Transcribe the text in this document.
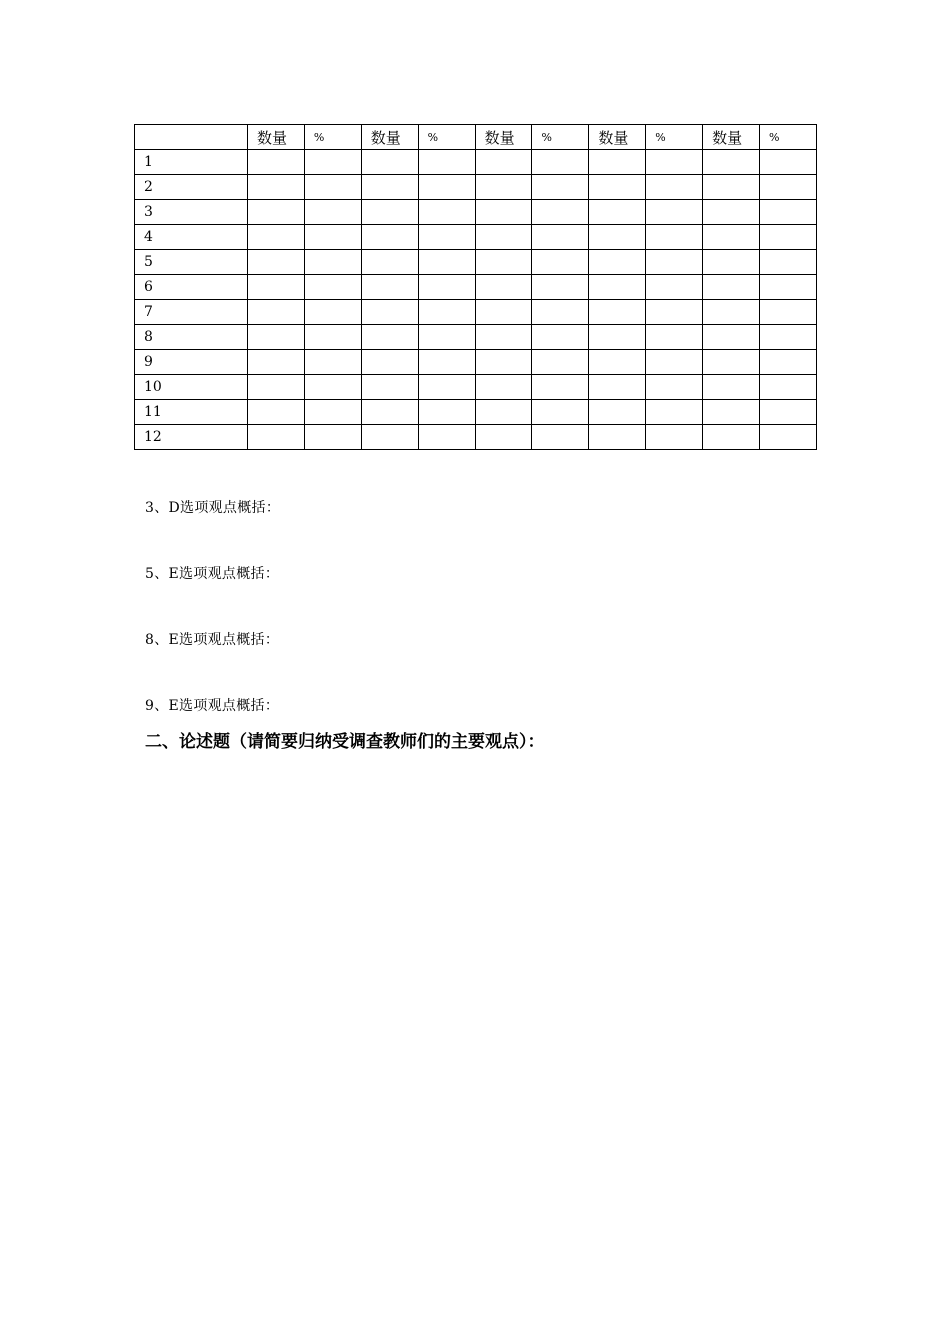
	数量	%	数量	%	数量	%	数量	%	数量	%
1										
2										
3										
4										
5										
6										
7										
8										
9										
10										
11										
12										
3、D选项观点概括：
5、E选项观点概括：
8、E选项观点概括：
9、E选项观点概括：
二、论述题（请简要归纳受调查教师们的主要观点）：
